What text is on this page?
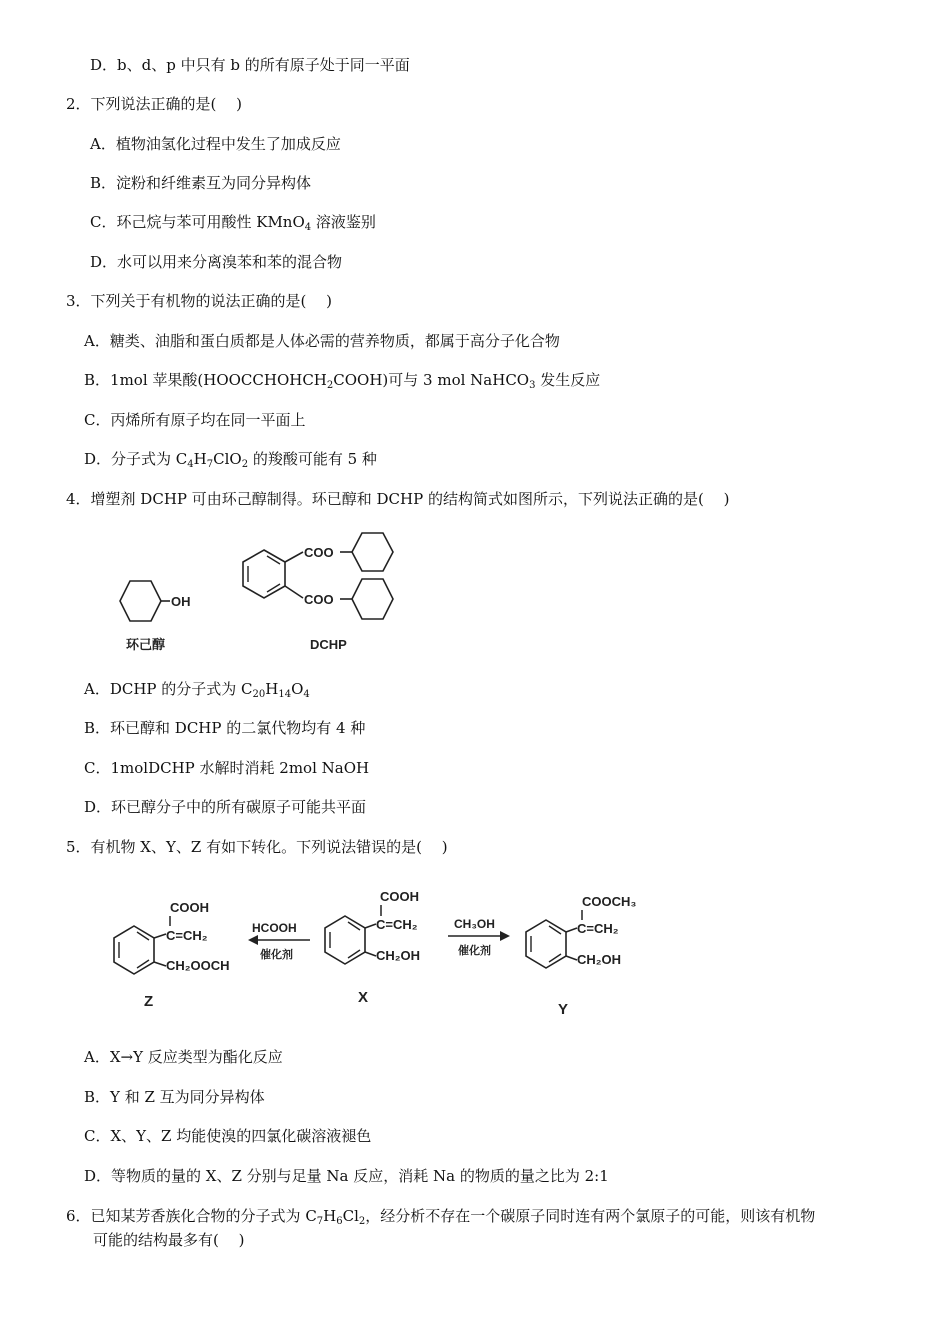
D．b、d、p 中只有 b 的所有原子处于同一平面
2．下列说法正确的是(　 )
A．植物油氢化过程中发生了加成反应
B．淀粉和纤维素互为同分异构体
C．环己烷与苯可用酸性 KMnO$_4$ 溶液鉴别
D．水可以用来分离溴苯和苯的混合物
3．下列关于有机物的说法正确的是(　 )
A．糖类、油脂和蛋白质都是人体必需的营养物质，都属于高分子化合物
B．1mol 苹果酸$(HOOCCHOHCH_2COOH)$可与 3 mol NaHCO$_3$ 发生反应
C．丙烯所有原子均在同一平面上
D．分子式为 $C_4H_7ClO_2$ 的羧酸可能有 5 种
4．增塑剂 DCHP 可由环己醇制得。环已醇和 DCHP 的结构简式如图所示，下列说法正确的是(　 )
OH
环己醇
COO
COO
DCHP
A．DCHP 的分子式为 $C_{20}H_{14}O_4$
B．环已醇和 DCHP 的二氯代物均有 4 种
C．1molDCHP 水解时消耗 2mol NaOH
D．环已醇分子中的所有碳原子可能共平面
5．有机物 X、Y、Z 有如下转化。下列说法错误的是(　 )
COOH
C=CH₂
CH₂OOCH
Z
HCOOH
催化剂
COOH
C=CH₂
CH₂OH
X
CH₃OH
催化剂
COOCH₃
C=CH₂
CH₂OH
Y
A．X→Y 反应类型为酯化反应
B．Y 和 Z 互为同分异构体
C．X、Y、Z 均能使溴的四氯化碳溶液褪色
D．等物质的量的 X、Z 分别与足量 Na 反应，消耗 Na 的物质的量之比为 2:1
6．已知某芳香族化合物的分子式为 $C_7H_6Cl_2$，经分析不存在一个碳原子同时连有两个氯原子的可能，则该有机物
可能的结构最多有(　 )
